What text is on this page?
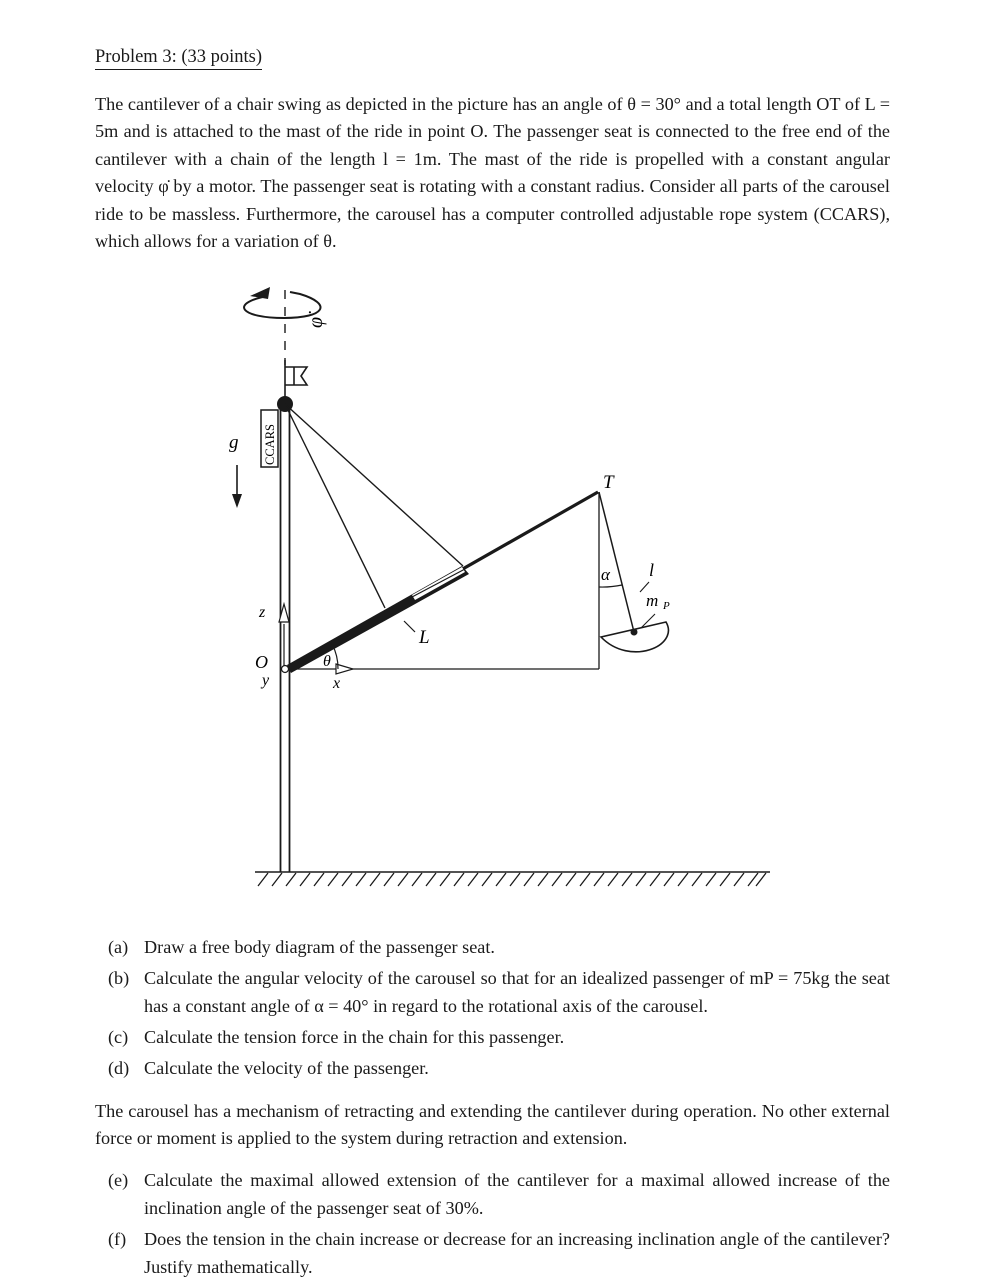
Problem 3: (33 points)

The cantilever of a chair swing as depicted in the picture has an angle of θ = 30° and a total length OT of L = 5m and is attached to the mast of the ride in point O. The passenger seat is connected to the free end of the cantilever with a chain of the length l = 1m. The mast of the ride is propelled with a constant angular velocity φ̇ by a motor. The passenger seat is rotating with a constant radius. Consider all parts of the carousel ride to be massless. Furthermore, the carousel has a computer controlled adjustable rope system (CCARS), which allows for a variation of θ.

φ̇
g CCARS
L
T
α l
m P
z
O
y
θ
x
(a) Draw a free body diagram of the passenger seat.
(b) Calculate the angular velocity of the carousel so that for an idealized passenger of mP = 75kg the seat has a constant angle of α = 40° in regard to the rotational axis of the carousel.
(c) Calculate the tension force in the chain for this passenger.
(d) Calculate the velocity of the passenger.

The carousel has a mechanism of retracting and extending the cantilever during operation. No other external force or moment is applied to the system during retraction and extension.

(e) Calculate the maximal allowed extension of the cantilever for a maximal allowed increase of the inclination angle of the passenger seat of 30%.
(f) Does the tension in the chain increase or decrease for an increasing inclination angle of the cantilever? Justify mathematically.
